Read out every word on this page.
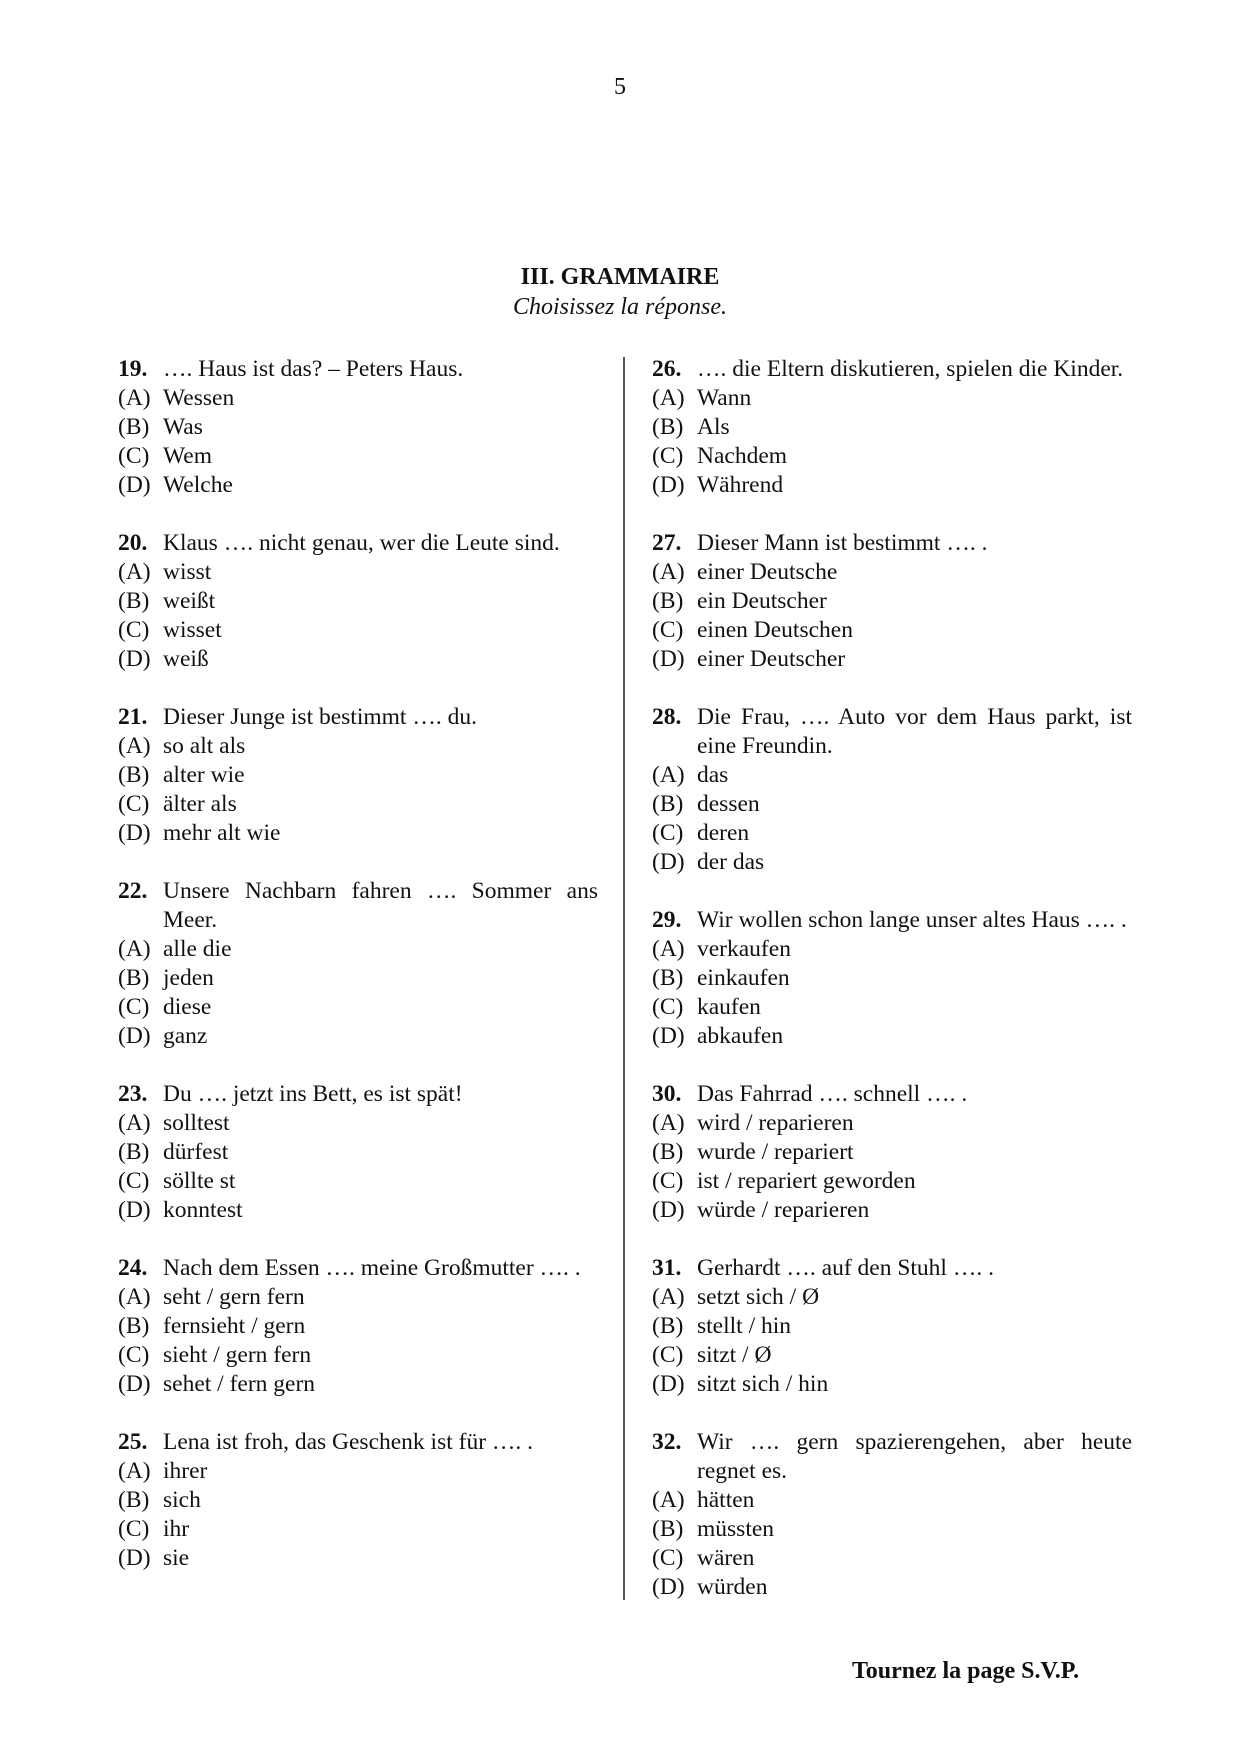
5
III. GRAMMAIRE
Choisissez la réponse.
19. …. Haus ist das? – Peters Haus.
(A) Wessen
(B) Was
(C) Wem
(D) Welche
20. Klaus …. nicht genau, wer die Leute sind.
(A) wisst
(B) weißt
(C) wisset
(D) weiß
21. Dieser Junge ist bestimmt …. du.
(A) so alt als
(B) alter wie
(C) älter als
(D) mehr alt wie
22. Unsere Nachbarn fahren …. Sommer ans Meer.
(A) alle die
(B) jeden
(C) diese
(D) ganz
23. Du …. jetzt ins Bett, es ist spät!
(A) solltest
(B) dürfest
(C) söllte st
(D) konntest
24. Nach dem Essen …. meine Großmutter …. .
(A) seht / gern fern
(B) fernsieht / gern
(C) sieht / gern fern
(D) sehet / fern gern
25. Lena ist froh, das Geschenk ist für …. .
(A) ihrer
(B) sich
(C) ihr
(D) sie
26. …. die Eltern diskutieren, spielen die Kinder.
(A) Wann
(B) Als
(C) Nachdem
(D) Während
27. Dieser Mann ist bestimmt …. .
(A) einer Deutsche
(B) ein Deutscher
(C) einen Deutschen
(D) einer Deutscher
28. Die Frau, …. Auto vor dem Haus parkt, ist eine Freundin.
(A) das
(B) dessen
(C) deren
(D) der das
29. Wir wollen schon lange unser altes Haus …. .
(A) verkaufen
(B) einkaufen
(C) kaufen
(D) abkaufen
30. Das Fahrrad …. schnell …. .
(A) wird / reparieren
(B) wurde / repariert
(C) ist / repariert geworden
(D) würde / reparieren
31. Gerhardt …. auf den Stuhl …. .
(A) setzt sich / Ø
(B) stellt / hin
(C) sitzt / Ø
(D) sitzt sich / hin
32. Wir …. gern spazierengehen, aber heute regnet es.
(A) hätten
(B) müssten
(C) wären
(D) würden
Tournez la page S.V.P.
